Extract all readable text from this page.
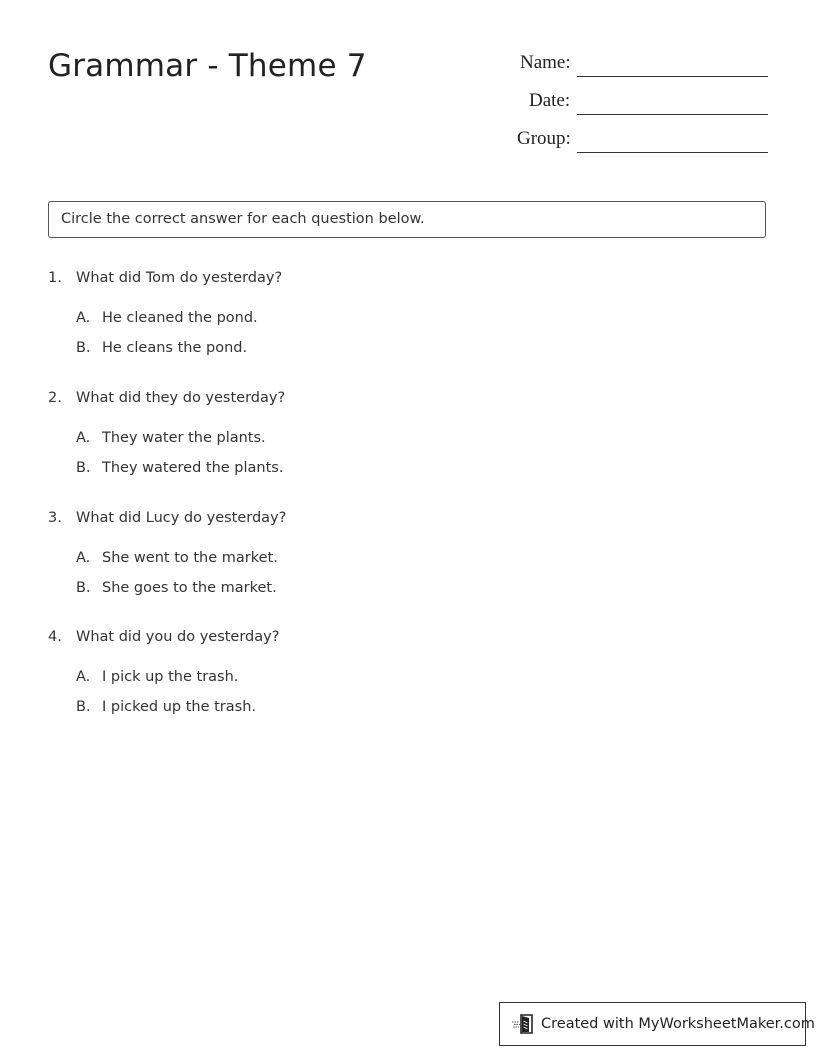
Grammar - Theme 7	Name:
Date:
Group:
Circle the correct answer for each question below.
1. What did Tom do yesterday?
A. He cleaned the pond.
B. He cleans the pond.
2. What did they do yesterday?
A. They water the plants.
B. They watered the plants.
3. What did Lucy do yesterday?
A. She went to the market.
B. She goes to the market.
4. What did you do yesterday?
A. I pick up the trash.
B. I picked up the trash.
Created with MyWorksheetMaker.com
